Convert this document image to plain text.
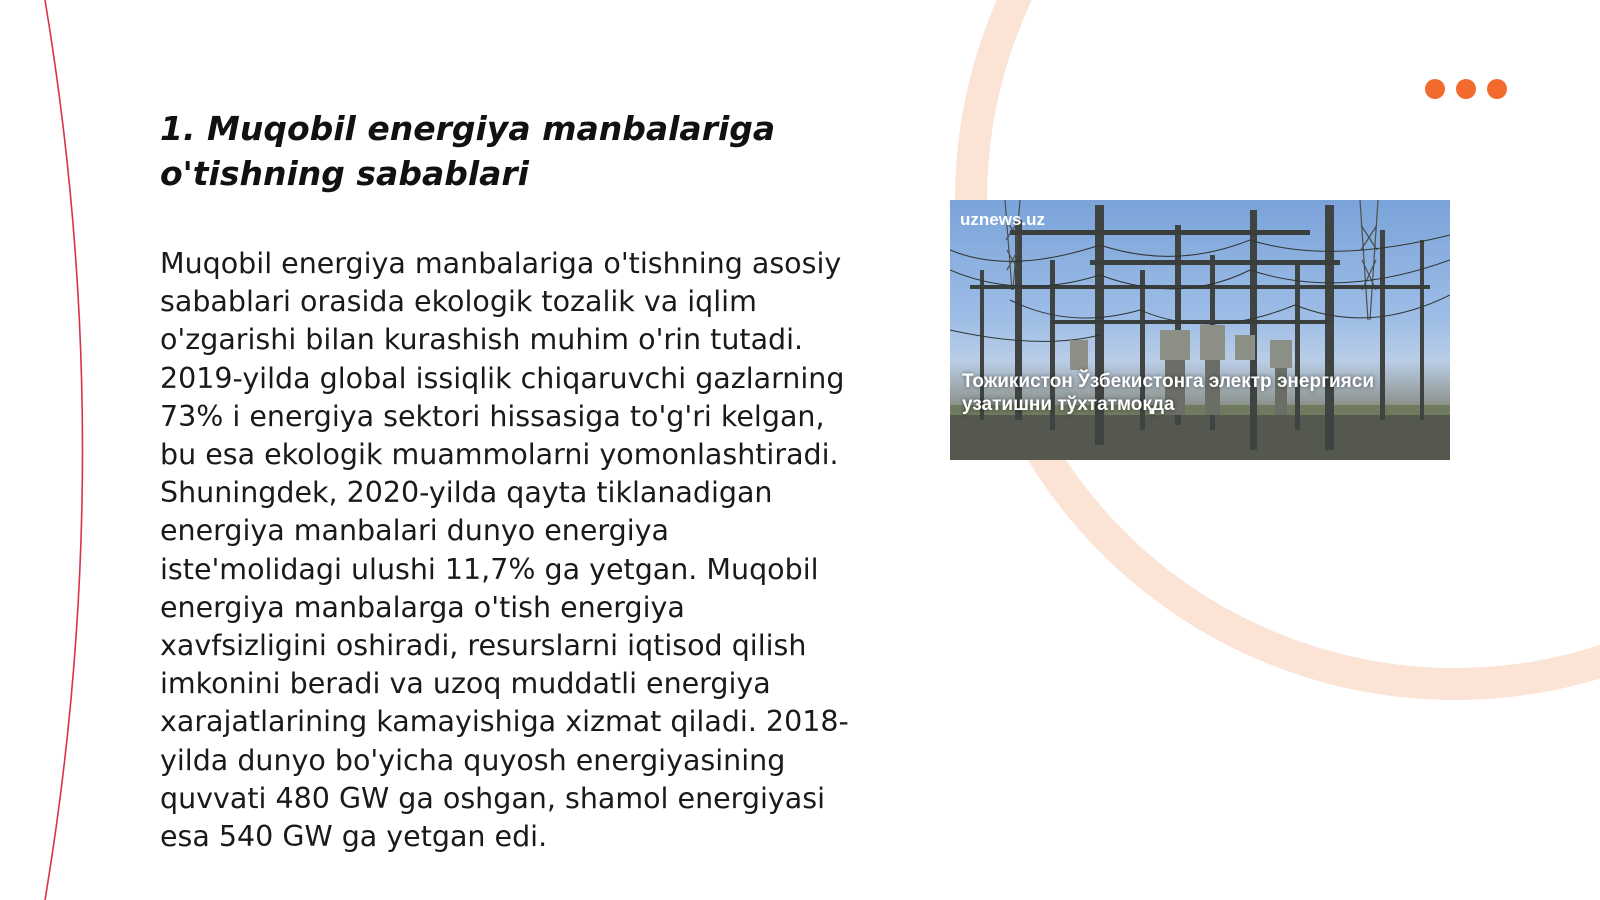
1. Muqobil energiya manbalariga o'tishning sabablari

Muqobil energiya manbalariga o'tishning asosiy sabablari orasida ekologik tozalik va iqlim o'zgarishi bilan kurashish muhim o'rin tutadi. 2019-yilda global issiqlik chiqaruvchi gazlarning 73% i energiya sektori hissasiga to'g'ri kelgan, bu esa ekologik muammolarni yomonlashtiradi. Shuningdek, 2020-yilda qayta tiklanadigan energiya manbalari dunyo energiya iste'molidagi ulushi 11,7% ga yetgan. Muqobil energiya manbalarga o'tish energiya xavfsizligini oshiradi, resurslarni iqtisod qilish imkonini beradi va uzoq muddatli energiya xarajatlarining kamayishiga xizmat qiladi. 2018-yilda dunyo bo'yicha quyosh energiyasining quvvati 480 GW ga oshgan, shamol energiyasi esa 540 GW ga yetgan edi.

uznews.uz
Тожикистон Ўзбекистонга электр энергияси узатишни тўхтатмоқда
